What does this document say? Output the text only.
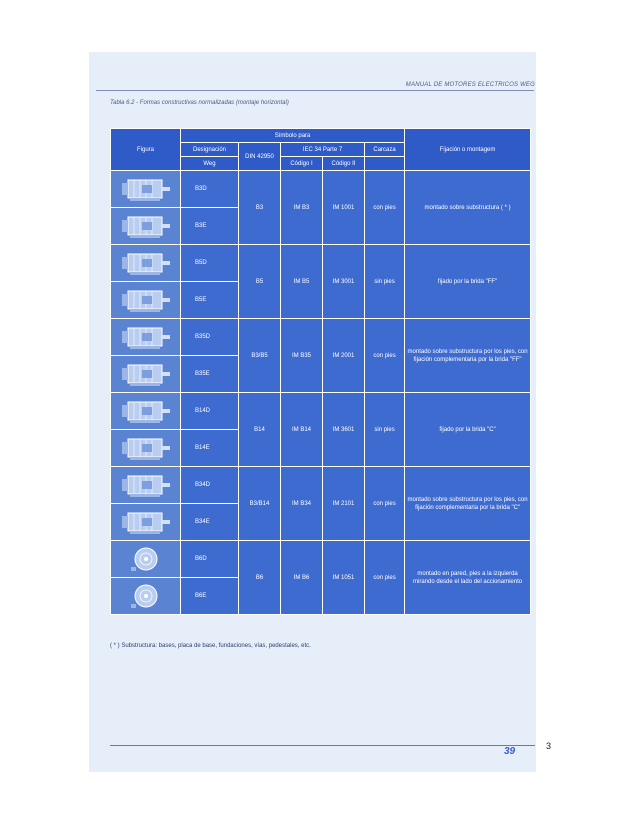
MANUAL DE MOTORES ELECTRICOS WEG
Tabla 6.2 - Formas constructivas normalizadas (montaje horizontal)
Figura	Símbolo para					Fijación o montagem
	Designación	DIN 42950	IEC 34 Parte 7		Carcaza	
	Weg		Código I	Código II		

	B3D	B3	IM B3	IM 1001	con pies	montado sobre substructura ( * )

	B3E					

	B5D	B5	IM B5	IM 3001	sin pies	fijado por la brida "FF"

	B5E					

	B35D	B3/B5	IM B35	IM 2001	con pies	montado sobre substructura por los pies, con fijación complementaria por la brida "FF"

	B35E					

	B14D	B14	IM B14	IM 3601	sin pies	fijado por la brida "C"

	B14E					

	B34D	B3/B14	IM B34	IM 2101	con pies	montado sobre substructura por los pies, con fijación complementaria por la brida "C"

	B34E					

	B6D	B6	IM B6	IM 1051	con pies	montado en pared, pies a la izquierda mirando desde el lado del accionamiento

	B6E					
( * ) Substructura: bases, placa de base, fundaciones, vías, pedestales, etc.
39	3
